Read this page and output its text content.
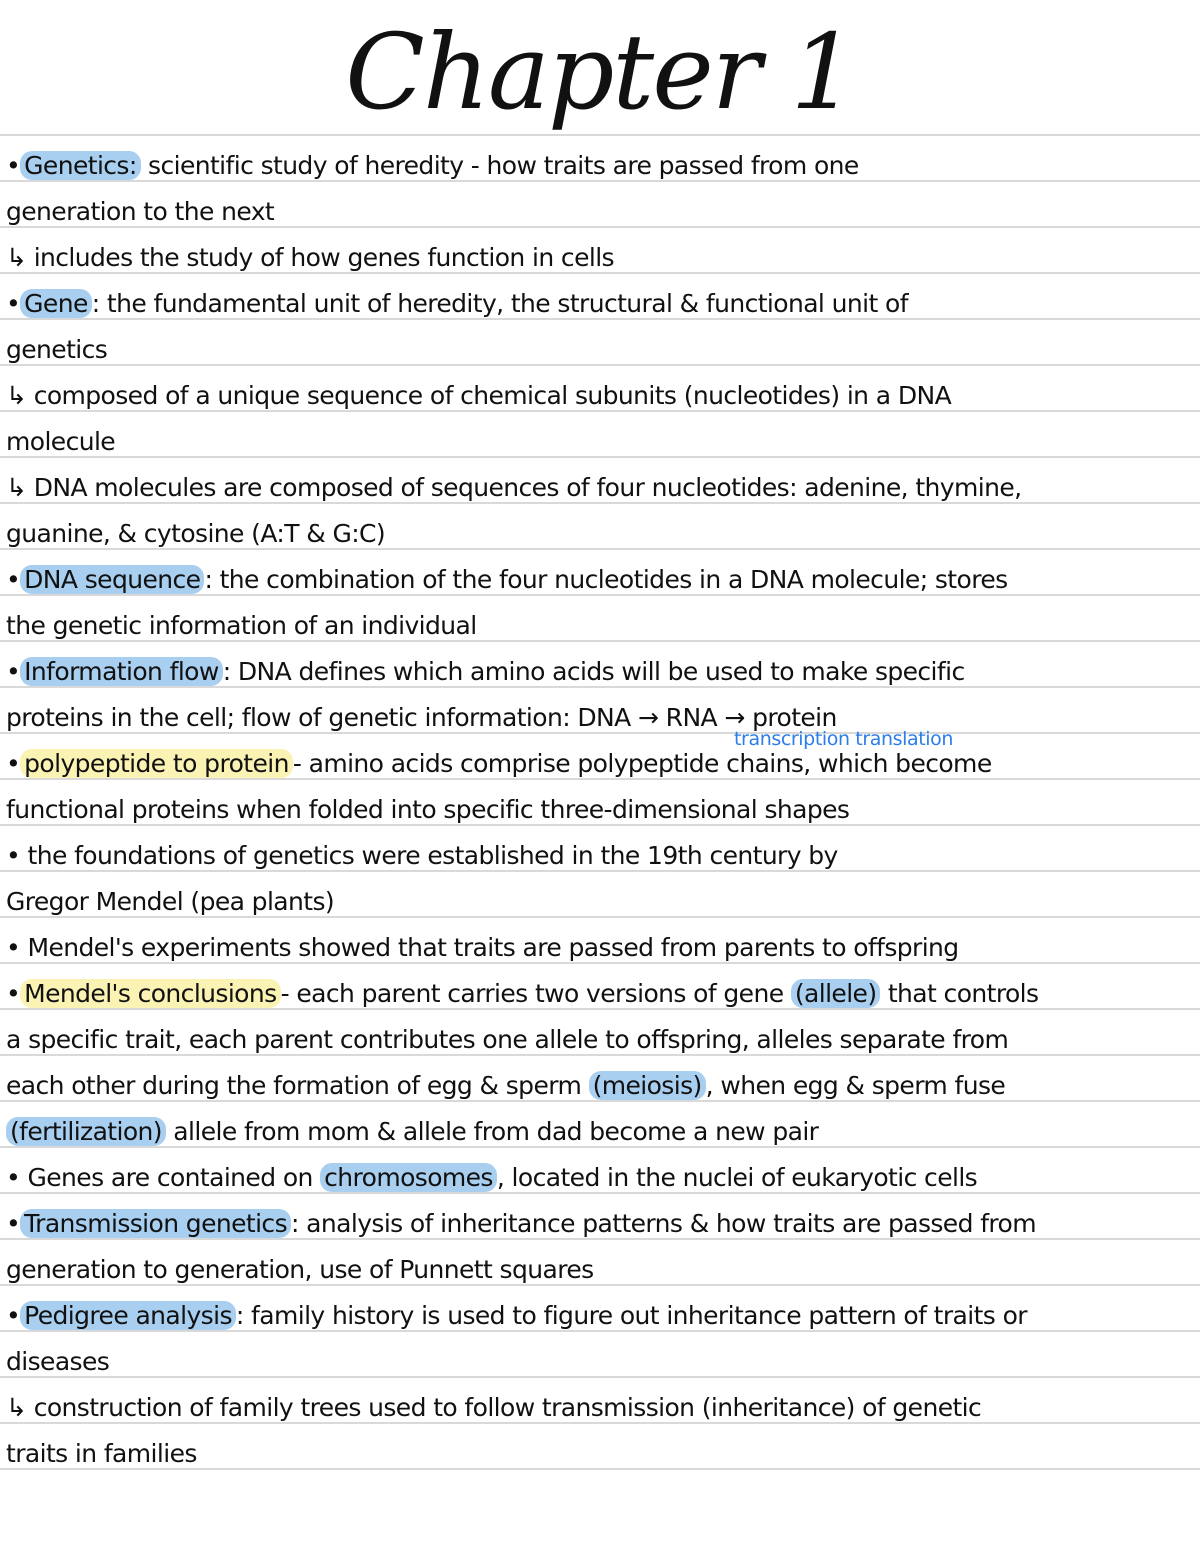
Chapter 1
• Genetics: scientific study of heredity - how traits are passed from one
generation to the next
↳ includes the study of how genes function in cells
• Gene : the fundamental unit of heredity, the structural & functional unit of
genetics
↳ composed of a unique sequence of chemical subunits (nucleotides) in a DNA
molecule
↳ DNA molecules are composed of sequences of four nucleotides: adenine, thymine,
guanine, & cytosine (A:T & G:C)
• DNA sequence : the combination of the four nucleotides in a DNA molecule; stores
the genetic information of an individual
• Information flow : DNA defines which amino acids will be used to make specific
proteins in the cell; flow of genetic information: DNA → RNA → protein
• polypeptide to protein - amino acids comprise polypeptide chains, which become
functional proteins when folded into specific three-dimensional shapes
• the foundations of genetics were established in the 19th century by
Gregor Mendel (pea plants)
• Mendel's experiments showed that traits are passed from parents to offspring
• Mendel's conclusions - each parent carries two versions of gene (allele) that controls
a specific trait, each parent contributes one allele to offspring, alleles separate from
each other during the formation of egg & sperm (meiosis) , when egg & sperm fuse
(fertilization) allele from mom & allele from dad become a new pair
• Genes are contained on chromosomes , located in the nuclei of eukaryotic cells
• Transmission genetics : analysis of inheritance patterns & how traits are passed from
generation to generation, use of Punnett squares
• Pedigree analysis : family history is used to figure out inheritance pattern of traits or
diseases
↳ construction of family trees used to follow transmission (inheritance) of genetic
traits in families
transcription translation
